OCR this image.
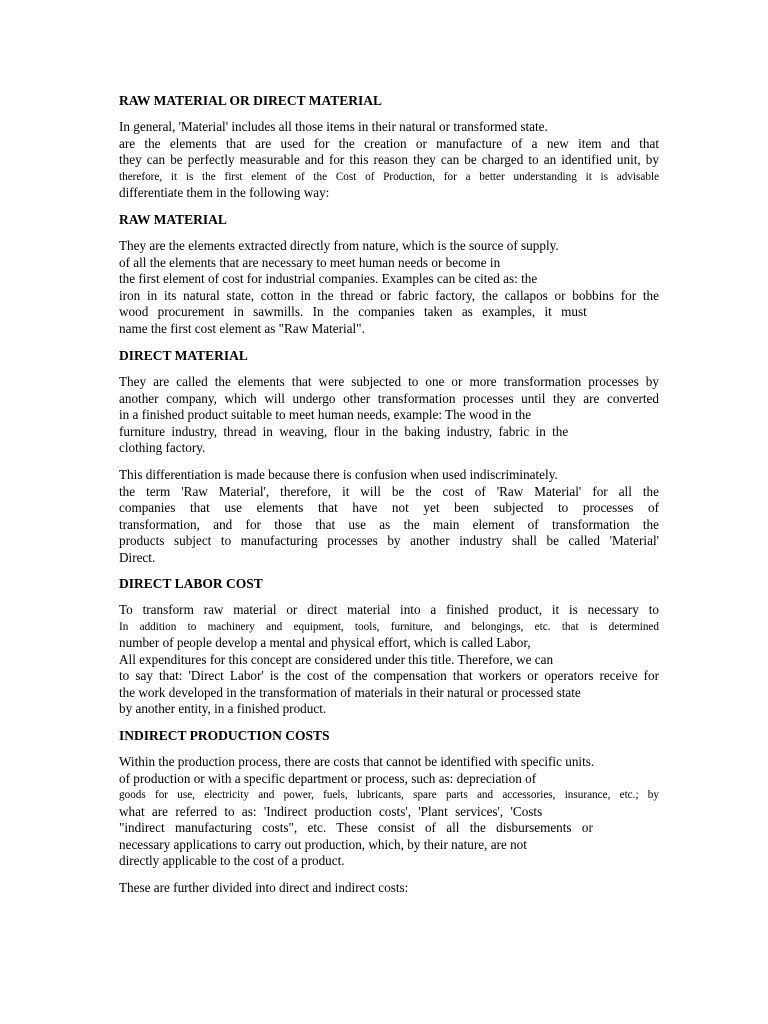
RAW MATERIAL OR DIRECT MATERIAL

In general, 'Material' includes all those items in their natural or transformed state.
are the elements that are used for the creation or manufacture of a new item and that
they can be perfectly measurable and for this reason they can be charged to an identified unit, by
therefore, it is the first element of the Cost of Production, for a better understanding it is advisable
differentiate them in the following way:

RAW MATERIAL

They are the elements extracted directly from nature, which is the source of supply.
of all the elements that are necessary to meet human needs or become in
the first element of cost for industrial companies. Examples can be cited as: the
iron in its natural state, cotton in the thread or fabric factory, the callapos or bobbins for the
wood procurement in sawmills. In the companies taken as examples, it must
name the first cost element as "Raw Material".

DIRECT MATERIAL

They are called the elements that were subjected to one or more transformation processes by
another company, which will undergo other transformation processes until they are converted
in a finished product suitable to meet human needs, example: The wood in the
furniture industry, thread in weaving, flour in the baking industry, fabric in the
clothing factory.

This differentiation is made because there is confusion when used indiscriminately.
the term 'Raw Material', therefore, it will be the cost of 'Raw Material' for all the
companies that use elements that have not yet been subjected to processes of
transformation, and for those that use as the main element of transformation the
products subject to manufacturing processes by another industry shall be called 'Material'
Direct.

DIRECT LABOR COST

To transform raw material or direct material into a finished product, it is necessary to
In addition to machinery and equipment, tools, furniture, and belongings, etc. that is determined
number of people develop a mental and physical effort, which is called Labor,
All expenditures for this concept are considered under this title. Therefore, we can
to say that: 'Direct Labor' is the cost of the compensation that workers or operators receive for
the work developed in the transformation of materials in their natural or processed state
by another entity, in a finished product.

INDIRECT PRODUCTION COSTS

Within the production process, there are costs that cannot be identified with specific units.
of production or with a specific department or process, such as: depreciation of
goods for use, electricity and power, fuels, lubricants, spare parts and accessories, insurance, etc.; by
what are referred to as: 'Indirect production costs', 'Plant services', 'Costs
"indirect manufacturing costs", etc. These consist of all the disbursements or
necessary applications to carry out production, which, by their nature, are not
directly applicable to the cost of a product.

These are further divided into direct and indirect costs:
